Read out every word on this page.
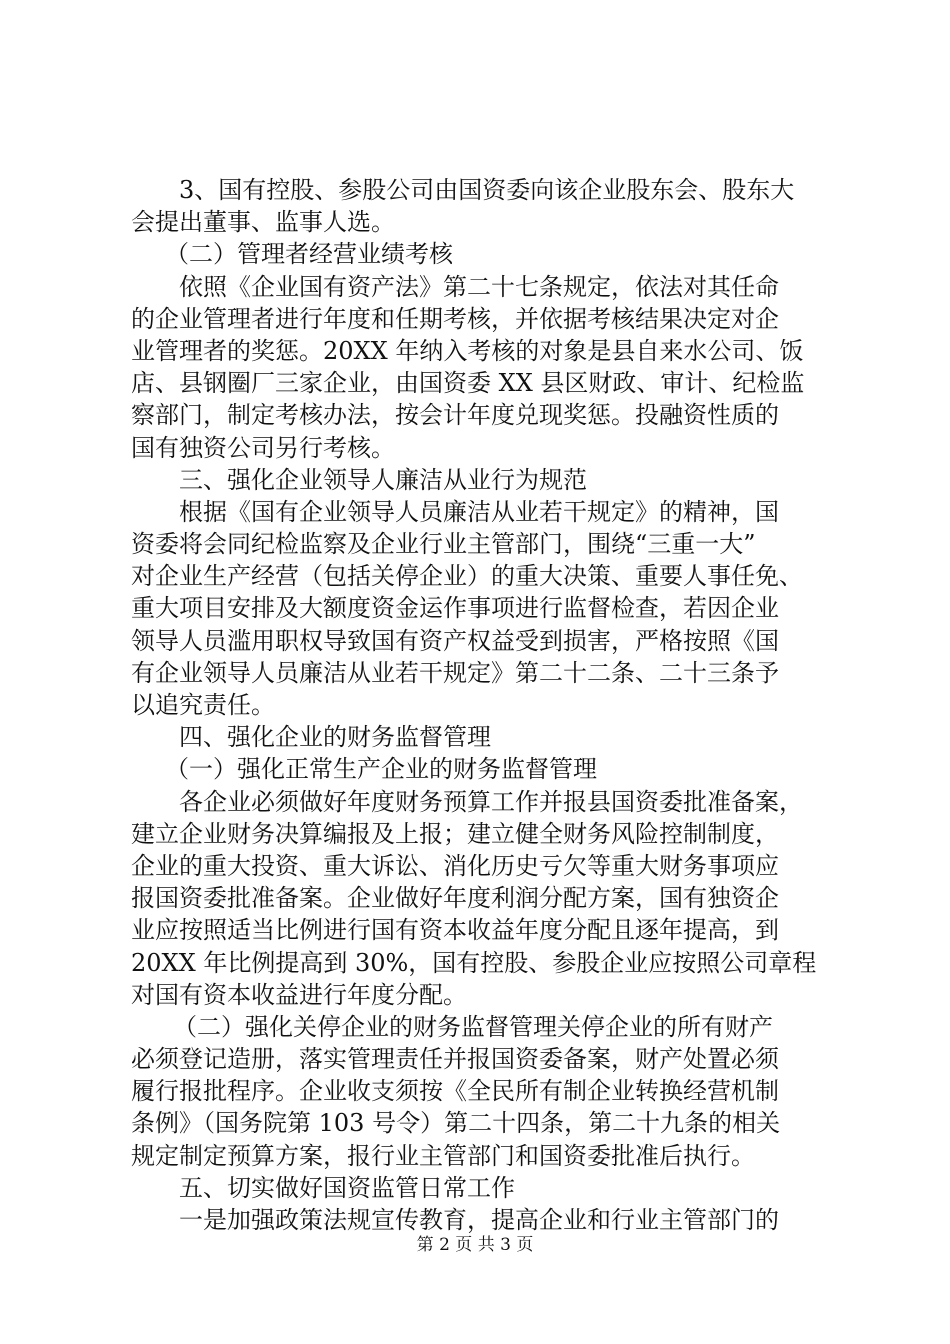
3、国有控股、参股公司由国资委向该企业股东会、股东大
会提出董事、监事人选。
（二）管理者经营业绩考核
依照《企业国有资产法》第二十七条规定，依法对其任命
的企业管理者进行年度和任期考核，并依据考核结果决定对企
业管理者的奖惩。20XX 年纳入考核的对象是县自来水公司、饭
店、县钢圈厂三家企业，由国资委 XX 县区财政、审计、纪检监
察部门，制定考核办法，按会计年度兑现奖惩。投融资性质的
国有独资公司另行考核。
三、强化企业领导人廉洁从业行为规范
根据《国有企业领导人员廉洁从业若干规定》的精神，国
资委将会同纪检监察及企业行业主管部门，围绕“三重一大”
对企业生产经营（包括关停企业）的重大决策、重要人事任免、
重大项目安排及大额度资金运作事项进行监督检查，若因企业
领导人员滥用职权导致国有资产权益受到损害，严格按照《国
有企业领导人员廉洁从业若干规定》第二十二条、二十三条予
以追究责任。
四、强化企业的财务监督管理
（一）强化正常生产企业的财务监督管理
各企业必须做好年度财务预算工作并报县国资委批准备案，
建立企业财务决算编报及上报；建立健全财务风险控制制度，
企业的重大投资、重大诉讼、消化历史亏欠等重大财务事项应
报国资委批准备案。企业做好年度利润分配方案，国有独资企
业应按照适当比例进行国有资本收益年度分配且逐年提高，到
20XX 年比例提高到 30%，国有控股、参股企业应按照公司章程
对国有资本收益进行年度分配。
（二）强化关停企业的财务监督管理关停企业的所有财产
必须登记造册，落实管理责任并报国资委备案，财产处置必须
履行报批程序。企业收支须按《全民所有制企业转换经营机制
条例》（国务院第 103 号令）第二十四条，第二十九条的相关
规定制定预算方案，报行业主管部门和国资委批准后执行。
五、切实做好国资监管日常工作
一是加强政策法规宣传教育，提高企业和行业主管部门的
第 2 页 共 3 页
